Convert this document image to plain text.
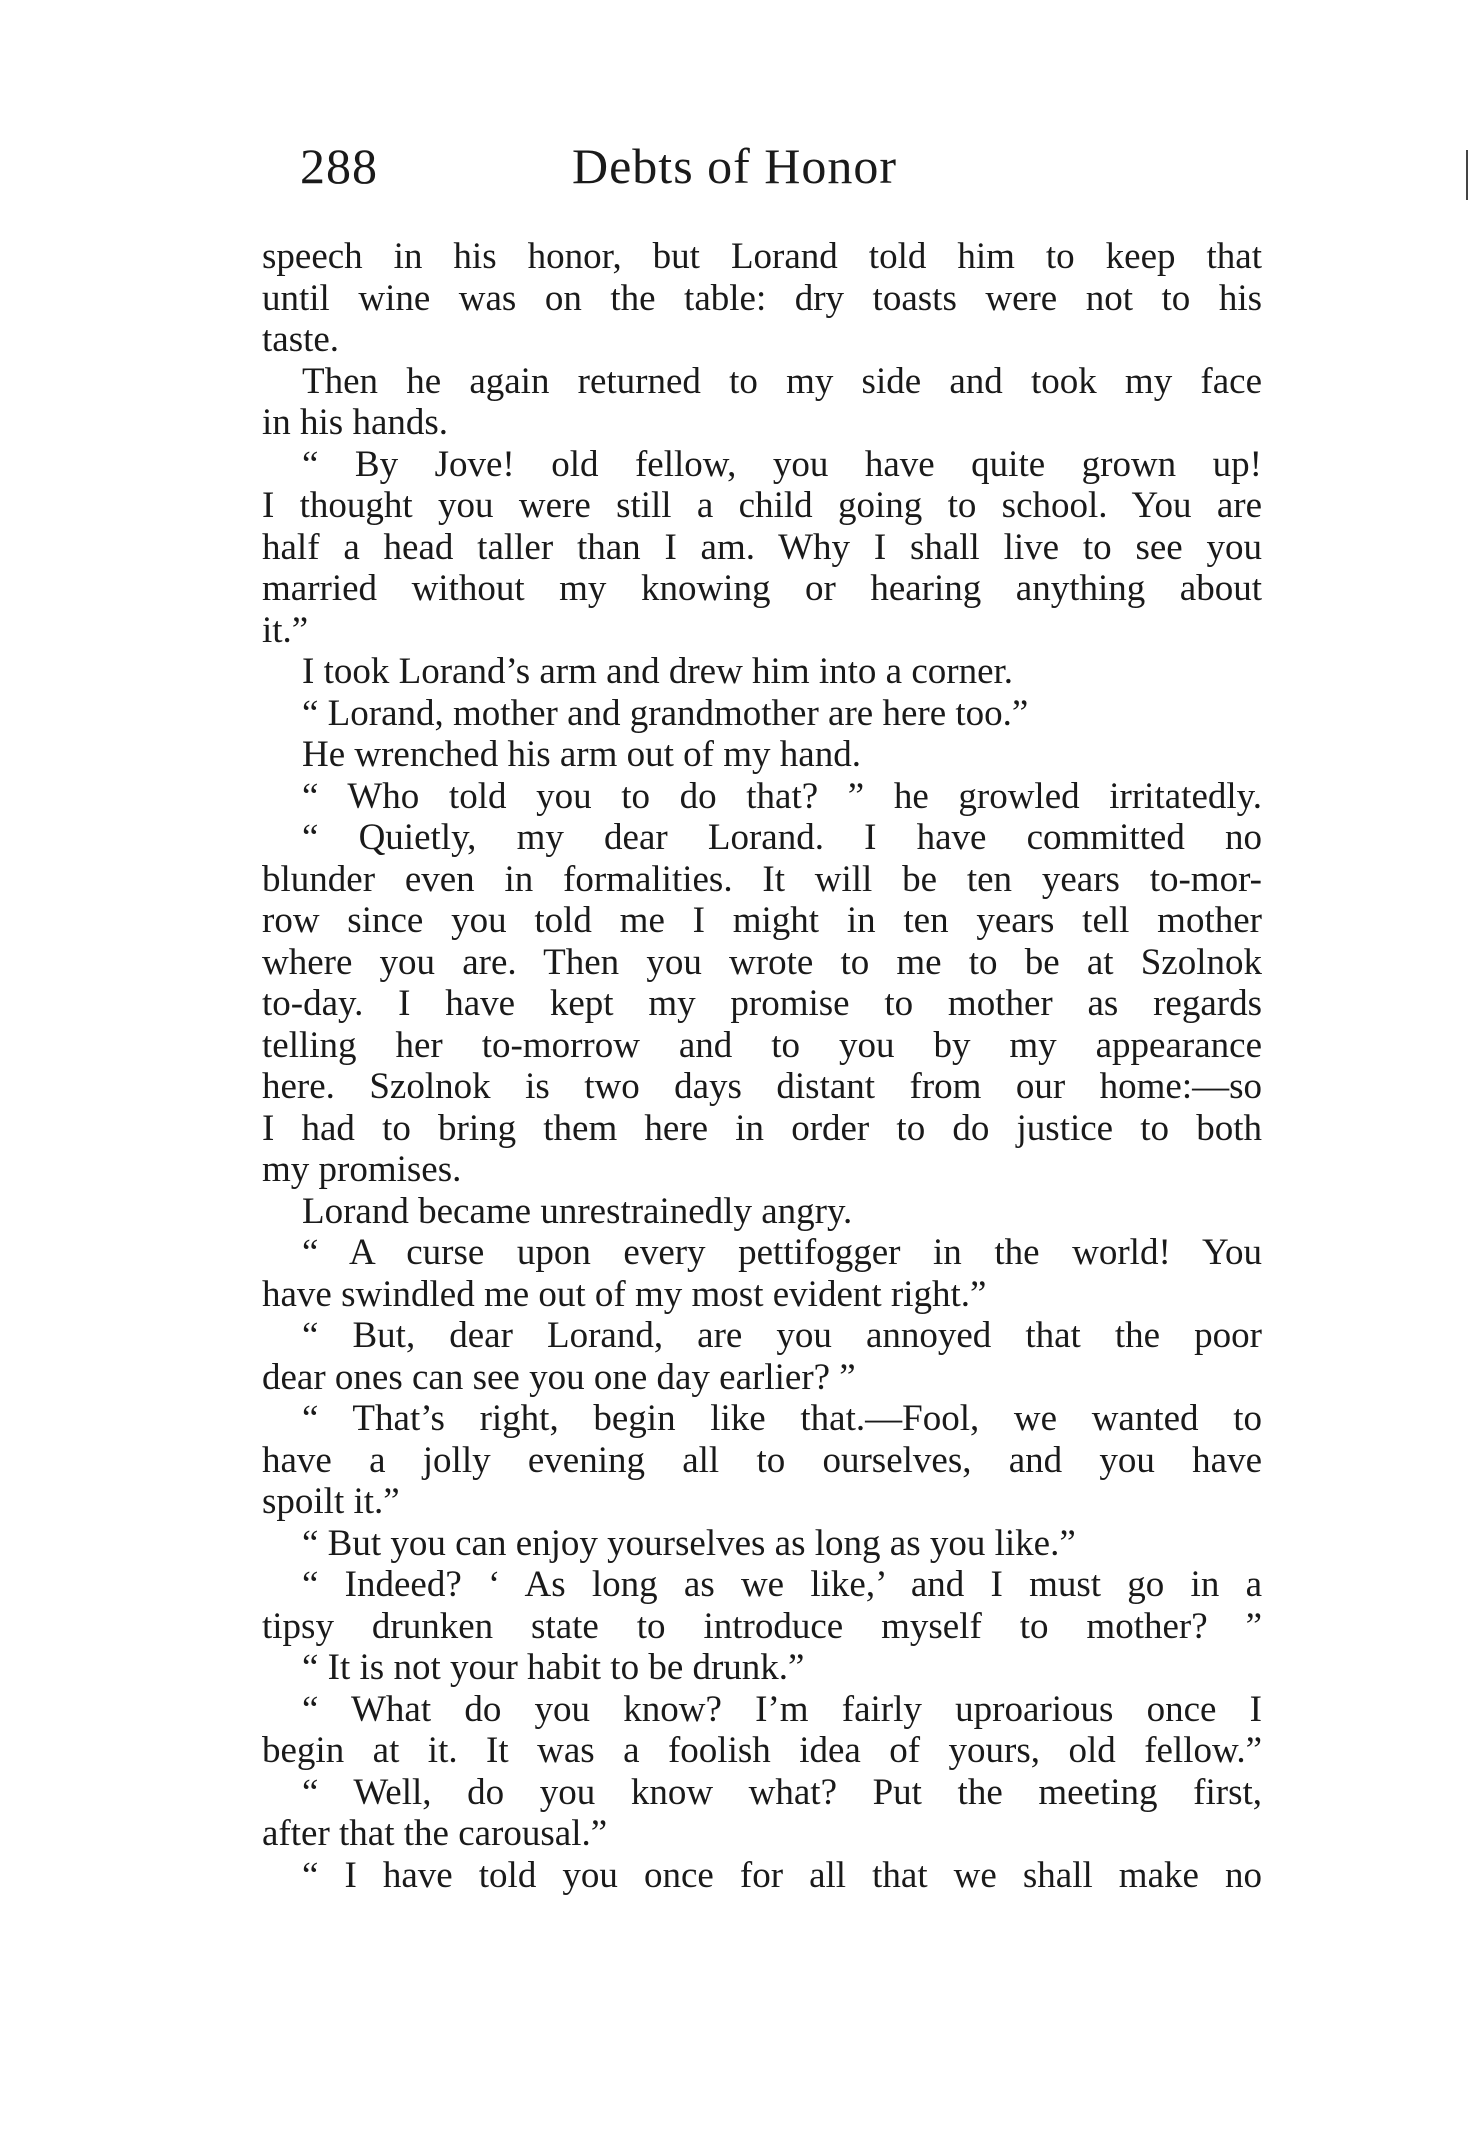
288	Debts of Honor
speech in his honor, but Lorand told him to keep that
until wine was on the table: dry toasts were not to his
taste.
Then he again returned to my side and took my face
in his hands.
“ By Jove! old fellow, you have quite grown up!
I thought you were still a child going to school. You are
half a head taller than I am. Why I shall live to see you
married without my knowing or hearing anything about
it.”
I took Lorand’s arm and drew him into a corner.
“ Lorand, mother and grandmother are here too.”
He wrenched his arm out of my hand.
“ Who told you to do that? ” he growled irritatedly.
“ Quietly, my dear Lorand. I have committed no
blunder even in formalities. It will be ten years to-mor-
row since you told me I might in ten years tell mother
where you are. Then you wrote to me to be at Szolnok
to-day. I have kept my promise to mother as regards
telling her to-morrow and to you by my appearance
here. Szolnok is two days distant from our home:—so
I had to bring them here in order to do justice to both
my promises.
Lorand became unrestrainedly angry.
“ A curse upon every pettifogger in the world! You
have swindled me out of my most evident right.”
“ But, dear Lorand, are you annoyed that the poor
dear ones can see you one day earlier? ”
“ That’s right, begin like that.—Fool, we wanted to
have a jolly evening all to ourselves, and you have
spoilt it.”
“ But you can enjoy yourselves as long as you like.”
“ Indeed? ‘ As long as we like,’ and I must go in a
tipsy drunken state to introduce myself to mother? ”
“ It is not your habit to be drunk.”
“ What do you know? I’m fairly uproarious once I
begin at it. It was a foolish idea of yours, old fellow.”
“ Well, do you know what? Put the meeting first,
after that the carousal.”
“ I have told you once for all that we shall make no
